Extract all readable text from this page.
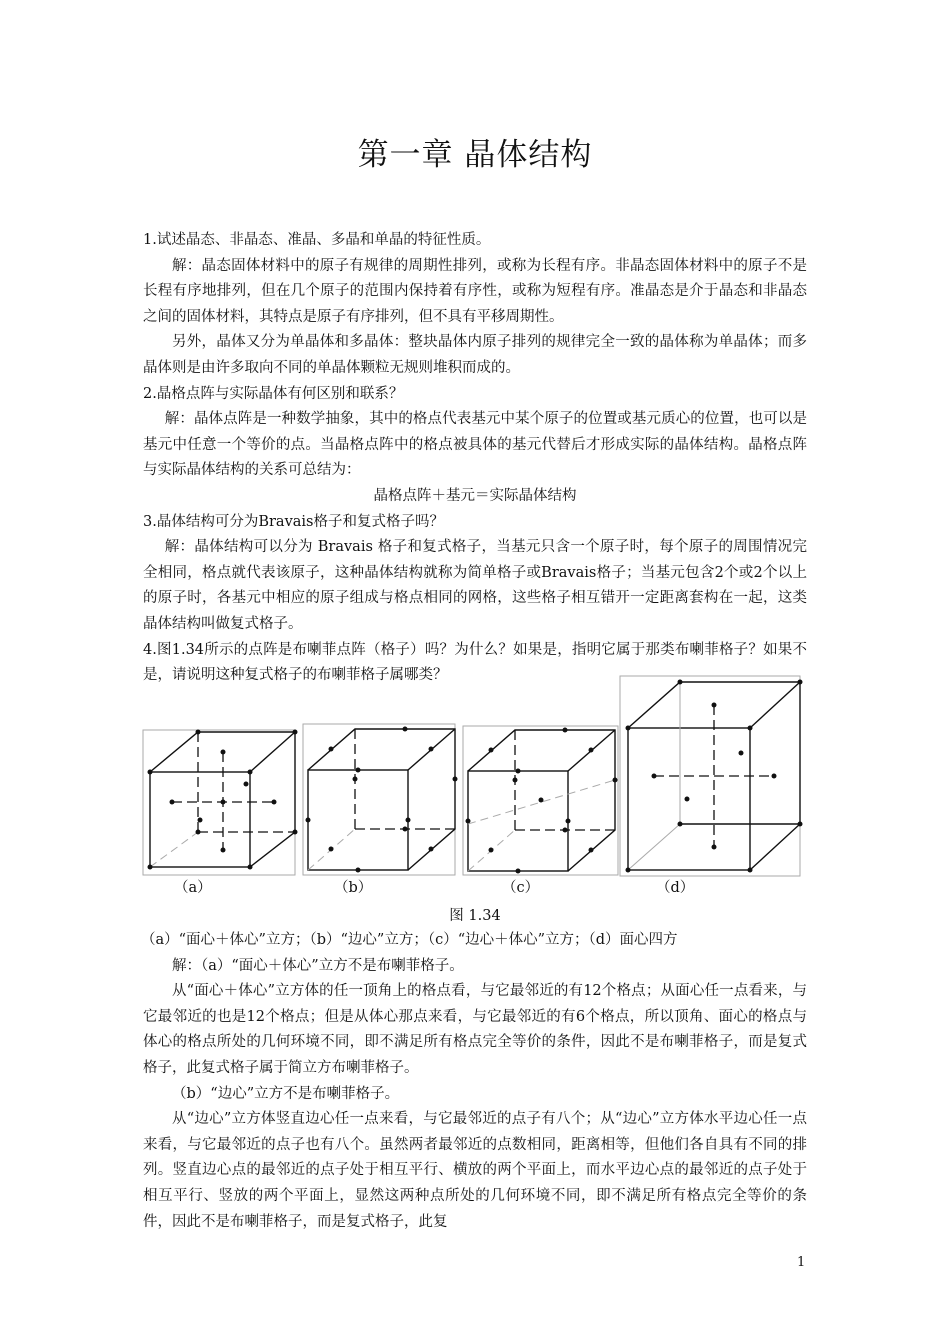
第一章 晶体结构

1.试述晶态、非晶态、准晶、多晶和单晶的特征性质。

解：晶态固体材料中的原子有规律的周期性排列，或称为长程有序。非晶态固体材料中的原子不是长程有序地排列，但在几个原子的范围内保持着有序性，或称为短程有序。准晶态是介于晶态和非晶态之间的固体材料，其特点是原子有序排列，但不具有平移周期性。

另外，晶体又分为单晶体和多晶体：整块晶体内原子排列的规律完全一致的晶体称为单晶体；而多晶体则是由许多取向不同的单晶体颗粒无规则堆积而成的。

2.晶格点阵与实际晶体有何区别和联系？

解：晶体点阵是一种数学抽象，其中的格点代表基元中某个原子的位置或基元质心的位置，也可以是基元中任意一个等价的点。当晶格点阵中的格点被具体的基元代替后才形成实际的晶体结构。晶格点阵与实际晶体结构的关系可总结为：

晶格点阵＋基元＝实际晶体结构

3.晶体结构可分为Bravais格子和复式格子吗？

解：晶体结构可以分为 Bravais 格子和复式格子，当基元只含一个原子时，每个原子的周围情况完全相同，格点就代表该原子，这种晶体结构就称为简单格子或Bravais格子；当基元包含2个或2个以上的原子时，各基元中相应的原子组成与格点相同的网格，这些格子相互错开一定距离套构在一起，这类晶体结构叫做复式格子。

4.图1.34所示的点阵是布喇菲点阵（格子）吗？为什么？如果是，指明它属于那类布喇菲格子？如果不是，请说明这种复式格子的布喇菲格子属哪类？

（a）	（b）	（c）	（d）
图 1.34

（a）“面心＋体心”立方；（b）“边心”立方；（c）“边心＋体心”立方；（d）面心四方

解：（a）“面心＋体心”立方不是布喇菲格子。

从“面心＋体心”立方体的任一顶角上的格点看，与它最邻近的有12个格点；从面心任一点看来，与它最邻近的也是12个格点；但是从体心那点来看，与它最邻近的有6个格点，所以顶角、面心的格点与体心的格点所处的几何环境不同，即不满足所有格点完全等价的条件，因此不是布喇菲格子，而是复式格子，此复式格子属于简立方布喇菲格子。

（b）“边心”立方不是布喇菲格子。

从“边心”立方体竖直边心任一点来看，与它最邻近的点子有八个；从“边心”立方体水平边心任一点来看，与它最邻近的点子也有八个。虽然两者最邻近的点数相同，距离相等，但他们各自具有不同的排列。竖直边心点的最邻近的点子处于相互平行、横放的两个平面上，而水平边心点的最邻近的点子处于相互平行、竖放的两个平面上，显然这两种点所处的几何环境不同，即不满足所有格点完全等价的条件，因此不是布喇菲格子，而是复式格子，此复

1
